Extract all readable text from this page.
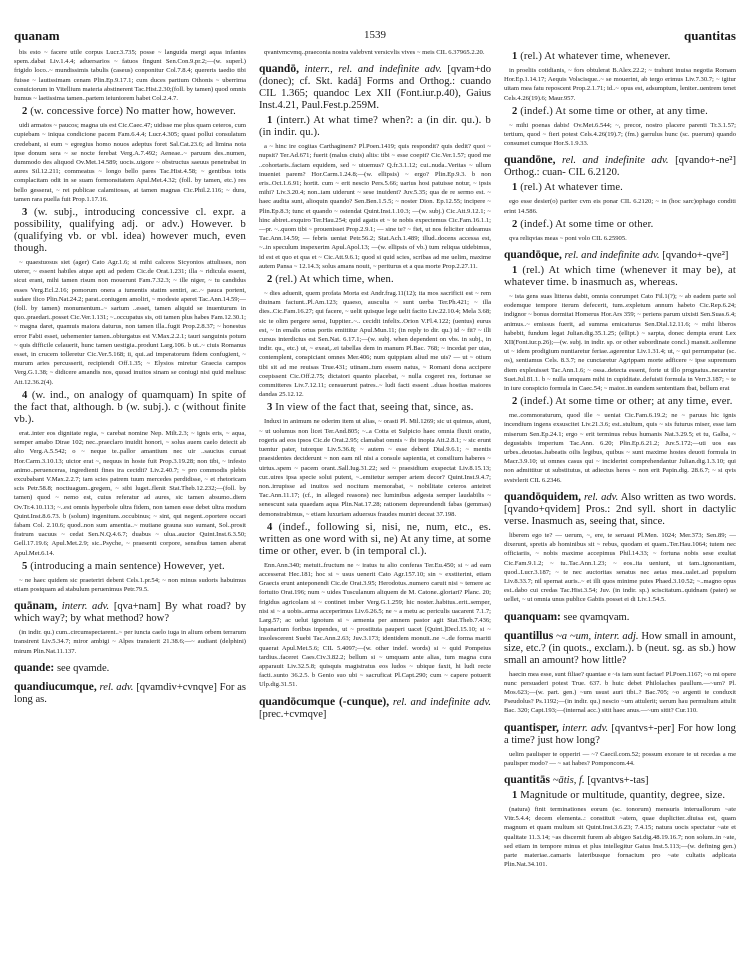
quanam	1539	quantitas

bis esto ~ facere utile corpus Lucr.3.735; posse ~ languida mergi aqua infantes spem..dabat Liv.1.4.4; aduersarios ~ fatuos fingunt Sen.Con.9.pr.2;—(w. superl.) frigido loco..~ mundissimis tabulis (caseus) conponitur Col.7.8.4; quereris taedio tibi fuisse ~ lautissimam cenam Plin.Ep.9.17.1; cum duces partium Othonis ~ uberrima conuiciorum in Vitellium materia abstinerent Tac.Hist.2.30;(foll. by tamen) quod omnis humus ~ laetissima tamen..partem ieiuniorem habet Col.2.4.7.

2 (w. concessive force) No matter how, however.

uidi armatos ~ paucos; magna uis est Cic.Caec.47; uidisse me plus quam ceteros, cum cupiebam ~ iniqua condicione pacem Fam.6.4.4; Lucr.4.305; quasi pollui consulatum credebant, si eum ~ egregius homo nouos adeptus foret Sal.Cat.23.6; ad limina nota ipse donum sera ~ se nocte ferebat Verg.A.7.492; Aeneae..~ paruum des..numen, dummodo des aliquod Ov.Met.14.589; uocis..uigore ~ obstructus saeuus penetrabat in aures Sil.12.211; commeatus ~ longo bello pares Tac.Hist.4.58; ~ gentibus totis complacitam odit in se suam formonsitatem Apul.Met.4.32; (foll. by tamen, etc.) res bello gesserat, ~ rei publicae calamitosas, at tamen magnas Cic.Phil.2.116; ~ dura, tamen rara puella fuit Prop.1.17.16.

3 (w. subj., introducing concessive cl. expr. a possibility, qualifying adj. or adv.) However. b (qualifying vb. or vbl. idea) however much, even though.

~ quaestuosus siet (ager) Cato Agr.1.6; si mihi calceos Sicyonios attulisses, non uterer, ~ essent habiles atque apti ad pedem Cic.de Orat.1.231; illa ~ ridicula essent, sicut erant, mihi tamen risum non mouerunt Fam.7.32.3; ~ ille niger, ~ tu candidus esses Verg.Ecl.2.16; pomorum onera a iumentis statim sentiri, ac..~ pauca portent, sudare ilico Plin.Nat.24.2; parat..coniugem amoliri, ~ modeste aperet Tac.Ann.14.59;—(foll. by tamen) monumentum..~ sartum ..esset, tamen aliquid se inuenturum in quo..praedari..posset Cic.Ver.1.131; ~..occupatus sis, oti tamen plus habes Fam.12.30.1; ~ magna daret, quamuis maiora daturus, non tamen illa..fugit Prop.2.8.37; ~ honestus error Fabii esset, uehementer tamen..obiurgatus est V.Max.2.2.1; tauri sanguinis potum ~ quis difficile celauerit, hunc tamen uestigia..produnt Larg.106. b ut..~ ciuis Romanus esset, in crucem tolleretur Cic.Ver.5.168; ii, qui..ad imperatorum fidem confugient, ~ murum aries percusserit, recipiendi Off.1.35; ~ Elysios miretur Graecia campos Verg.G.1.38; ~ didicere amandis nos, quoad inuitos sinam se coniugi nisi quid meliusc Att.12.36.2(4).

4 (w. ind., on analogy of quamquam) In spite of the fact that, although. b (w. subj.). c (without finite vb.).

erat..inter eos dignitate regia, ~ carebat nomine Nep. Milt.2.3; ~ ignis eris, ~ aqua, semper amabo Dirae 102; nec..praeclaro inuidit honori, ~ solus auem caelo deiecit ab alto Verg.A.5.542; o ~ neque te..pallor amantium nec uir ..saucius curuat Hor.Carm.3.10.13; uictor erat ~, nequus in hoste fuit Prop.3.19.28; non tibi, ~ infesto animo..peruenceras, ingredienti fines ira cecidit? Liv.2.40.7; ~ pro commodis plebis excubabant V.Max.2.2.7; iam scies patrem tuum mercedes perdidisse, ~ et rhetoricam scis Petr.58.8; noctiuagum..gregem, ~ sibi luget..flenit Stat.Theb.12.232;—(foll. by tamen) quod ~ nemo est, cuius referatur ad aures, sic tamen absumo..diem Ov.Tr.4.10.113; ~..est omnis hyperbole ultra fidem, non tamen esse debet ultra modum Quint.Inst.8.6.73. b (solum) ingenitum..occubinus; ~ sint, qui negent..oportere occari fabam Col. 2.10.6; quod..non sum amentia..~ mutiane grauna suo sumant, Sol..prosit fratrum uacuus ~ cedat Sen.N.Q.4.6.7; duabus ~ ulua..auctor Quint.Inst.6.3.50; Gell.17.19.6; Apul.Met.2.9; sic..Psyche, ~ praesenti corpore, sensibus tamen aberat Apul.Met.6.14.

5 (introducing a main sentence) However, yet.

~ ne haec quidem sic praeteriri debent Cels.1.pr.54; ~ non minus sudoris habuimus etiam postquam ad stabulum peruenimus Petr.79.5.

quānam, interr. adv. [qva+nam] By what road? by which way?; by what method? how?

(in indir. qu.) cum..circumspectarent..~ per iuncta caelo iuga in alium orbem terrarum transirent Liv.5.34.7; miror ambigi ~ Alpes transierit 21.38.6;—~ audiant (delphini) mirum Plin.Nat.11.137.

quande: see qvamde.

quandiucumque, rel. adv. [qvamdiv+cvnqve] For as long as.

qvantvmcvmq..praeconia nostra valebvnt versicvlis vives ~ meis CIL 6.37965.2.20.

quandō, interr., rel. and indefinite adv. [qvam+do (donec); cf. Skt. kadá] Forms and Orthog.: cuando CIL 1.365; quandoc Lex XII (Font.iur.p.40), Gaius Inst.4.21, Paul.Fest.p.259M.

1 (interr.) At what time? when?: a (in dir. qu.). b (in indir. qu.).

a ~ hinc ire cogitas Carthaginem? Pl.Poen.1419; quis respondit? quis dedit? quoi ~ nupsit? Ter.Ad.671; fuerit (malus ciuis) aliis: tibi ~ esse coepit? Cic.Ver.1.57; quod me ..cohortaris..faciam equidem, sed ~ uiuemus? Q.fr.3.1.12; cui..nuda..Veritas ~ ullum inueniet parem? Hor.Carm.1.24.8;—(w. ellipsis) ~ ergo? Plin.Ep.9.3. b non eris..Oct.1.6.91; hortit. cum ~ erit nescio Pers.5.66; uarius hosi patuisse notur, ~ ipsis mihi? Liv.3.20.4; non..iam uiderunt ~ sese inuident? Juv.5.35; qua de re sermo est. ~ haec audita sunt, alioquin quando? Sen.Ben.1.5.5; ~ noster Dion. Ep.12.55; incipere ~ Plin.Ep.8.3; tunc et quando ~ ostendat Quint.Inst.1.10.3; —(w. subj.) Cic.Att.9.12.1; ~ hinc abiret..exquiro Ter.Hau.254; quid agatis et ~ te nobis expectemus Cic.Fam.16.1.1; —pr. ~..quom tibi ~ prouenisset Prop.2.9.1; — sine te? ~ fiet, ut nos feliciter uideamus Tac.Ann.14.59; — febris ueniat Petr.56.2; Stat.Ach.1.489; illud..docens accessa est, ~..in speculum inspexerim Apul.Apol.13; —(w. ellipsis of vb.) tum reliqua uidebimus, id est et quo et qua et ~ Cic.Att.9.6.1; quod si quid scies, scribas ad me uelim, maxime autem Pansa ~ 12.14.3; solus amans nouit, ~ periturus et a qua morte Prop.2.27.11.

2 (rel.) At which time, when.

~ dies aduenit, quem profata Morta est Andr.frag.11(12); ita mos sacrificii est ~ rem diuinam faciunt..Pl.Am.123; quaeso, ausculta ~ sunt uerba Ter.Ph.421; ~ illa dies..Cic.Fam.16.27; qui facere, ~ uelit quisque lege uelit facito Liv.22.10.4; Mela 3.68; sic te olim pergere sensi, Iuppiter..~.. cecidit infelix..Orion V.Fl.4.122; (uentus) eurus est, ~ in emalis ortus portis emittitur Apul.Mun.11; (in reply to dir. qu.) id ~ fit? ~ illi cursus interdictus est Sen.Nat. 6.17.1;—(w. subj. when dependent on vbs. in subj., in indir. qu., etc.) ut, ~ exeat,..ei tabellas dem in manum Pl.Bac. 768; ~ incedat per uias, contemplent, conspiciant omnes Mer.406; num quippiam aliud me uis? — ut ~ otium tibi sit ad me reuisas True.431; utinam..tum essem natus, ~ Romani dona accipere coepissent Cic.Off.2.75; dictatori quanto placebat, ~ nulla cogeret res, fortunae se committeres Liv.7.12.11; censuerunt patres..~ ludi facti essent ..duas hostias maiores dandas 25.12.12.

3 In view of the fact that, seeing that, since, as.

Induxi in animum ne oderim item ut alias, ~ orasti Pl. Mil.1269; sic ut quimus, aiunt, ~ ut uolumus non licet Ter.And.805; ~..a Cotta et Sulpicio haec omnia fluxit oratio, rogeris ad eos ipsos Cic.de Orat.2.95; clamabat omnis ~ ibi inopia Att.2.8.1; ~ sic erunt tuentur pater, tutorque Liv.5.36.8; ~ autem ~ esse debent Dial.9.6.1; ~ mentis praesidentes deciderunt ~ non eam nil nisi a consule sapientia, et consilium haberes ~ uirtus..spem ~ pacem orant..Sall.Iug.31.22; sed ~ praesidium exspectat Liv.8.15.13; cur..uires ipsa specie solui putent, ~..emitetur semper artem decor? Quint.Inst.9.4.7; non..irrupisse ad inuitos sed nocitum memorabat, ~ nobilitate ceteros anteiret Tac.Ann.11.17; (cf., in alleged reasons) nec luminibus adgesta semper laudabilis ~ senescunt sata quaedam aqua Plin.Nat.17.28; rationem depreundendi fabas (gemmas) demonstrabimus, ~ etiam luxuriam aduersus fraudes muniri deceat 37.198.

4 (indef., following si, nisi, ne, num, etc., es. written as one word with si, ne) At any time, at some time or other, ever. b (in temporal cl.).

Enn.Ann.340; metuit..fructum ne ~ iratus tu alio conferas Ter.Eu.450; si ~ ad eam accesserat Hec.181; hoc si ~ usus uenerit Cato Agr.157.10; sin ~ exstiterint, etiam Graecis erunt anteponendi Cic.de Orat.3.95; Herodotus..numero caruit nisi ~ temere ac fortuito Orat.196; num ~ uides Tusculanum aliquem de M. Catone..gloriari? Planc. 20; frigidus agricolam si ~ continet imber Verg.G.1.259; hic noster..habitus..erit..semper, nisi si ~ a uobis..arma acceperimus Liv.6.26.5; ne ~ a metu ac periculis uacarent 7.1.7; Larg.57; ac uelut ignotum si ~ armenta per amnem pastor agit Stat.Theb.7.436; lupanarium foribus inpendes, ut ~ prostituta pauperi uacet [Quint.]Decl.15.10; si ~ insolescerent Suebi Tac.Ann.2.63; Juv.3.173; identidem monuit..ne ~..de forma mariti quaerat Apul.Met.5.6; CIL 5.4097;—(w. other indef. words) si ~ quid Pompeius tardius..faceret Caes.Civ.3.82.2; bellum si ~ umquam ante alias, tum magna cura apparauit Liv.32.5.8; quisquis magistratus eos ludos ~ ubique faxit, hi ludi recte facti..sunto 36.2.5. b Genio suo ubi ~ sacruficat Pl.Capt.290; cum ~ capere potuerit Ulp.dig.31.51.

quandōcumque (-cunque), rel. and indefinite adv. [prec.+cvmqve]

1 (rel.) At whatever time, whenever.

in proeliis cotidianis, ~ fors obtulerat B.Alex.22.2; ~ trahunt inuisa negotia Romam Hor.Ep.1.14.17; Aequis Volscisque..~ se mouerint, ab tergo erimus Liv.7.30.7; ~ igitur uitam mea fatu reposcent Prop.2.1.71; id..~ opus est, adsumptum, leniter..uentrem tenet Cels.4.26(19).6; Maur.957.

2 (indef.) At some time or other, at any time.

~ mihi poenas dabis! Ov.Met.6.544; ~, precor, nostro placere parenti Tr.3.1.57; tertium, quod ~ fieri potest Cels.4.26(19).7; (fm.) garrulus hunc (sc. puerum) quando consumet cumque Hor.S.1.9.33.

quandōne, rel. and indefinite adv. [qvando+-ne²] Orthog.: cuan- CIL 6.2120.

1 (rel.) At whatever time.

ego esse desier(o) pariter cvm eis ponar CIL 6.2120; ~ in (hoc sarc)ophago conditi erint 14.586.

2 (indef.) At some time or other.

qva reliqvias meas ~ poni volo CIL 6.25905.

quandōque, rel. and indefinite adv. [qvando+-qve²]

1 (rel.) At which time (whenever it may be), at whatever time. b inasmuch as, whereas.

~ ista gens suas litteras dabit, omnia conrumpet Cato Fil.1(?); ~ ab eadem parte sol eodemque tempore iterum defecerit, tum..expletum annum habeto Cic.Rep.6.24; indignor ~ bonus dormitat Homerus Hor.Ars 359; ~ periens parum uixisti Sen.Suas.6.4; animus..~ emissus fuerit, ad summa emicaturus Sen.Dial.12.11.6; ~ mihi liberos habebit, fundum legat Julian.dig.35.1.25; (ellipt.) ~ sarpta, donec dempta erunt Lex XII(Font.iur.p.26);—(w. subj. in indir. sp. or other subordinate concl.) mansit..sollemne ut ~ idem prodigium nuntiaretur feriae..agerentur Liv.1.31.4; ut, ~ qui perrumpatur (sc. os), sentiamus Cels. 8.3.7; ne cunctaretur Agrippam morte adficere ~ ipse supremum diem expleuisset Tac.Ann.1.6; ~ ossa..detecta essent, forte ut illo prognatus..necaretur Suet.Jul.81.1. b ~ nulla umquam mihi in cupiditate..defuisti formula in Verr.3.187; ~ te in iure conspicio formula in Caec.54; ~ maior..in eandem sententiam ibat, bellum erat

2 (indef.) At some time or other; at any time, ever.

me..commoraturum, quod ille ~ ueniat Cic.Fam.6.19.2; ne ~ paruus hic ignis incendium ingens exsuscitet Liv.21.3.6; est..stultum, quis ~ sis futurus miser, esse iam miserum Sen.Ep.24.1; ergo ~ erit terminus rebus humanis Nat.3.29.5; et tu, Galba, ~ degustabis imperium Tac.Ann. 6.20; Plin.Ep.6.21.2; Juv.5.172;—uti uos eas urbes..deuotas..habeatis oilis legibus, quibus ~ sunt maxime hostes deuoti formula in Macr.3.9.10; ut omnes casus qui ~ inciderint comprehendantur Julian.dig.1.3.10; qui non admittitur ut substitutus, ut adiectus heres ~ non erit Papin.dig. 28.6.7; ~ si qvis svstvlerit CIL 6.2346.

quandōquidem, rel. adv. Also written as two words. [qvando+qvidem] Pros.: 2nd syll. short in dactylic verse. Inasmuch as, seeing that, since.

liberem ego te? — uerum, ~, ere, te seruaui Pl.Men. 1024; Mer.373; Sen.89; — dixerunt, spretis ab hominibus sit ~ rebus, quodam et quam..Ter.Hau.1064; tutem nec officiariis, ~ nobis maxime accepimus Phil.14.33; ~ fortuna nobis sese exultat Cic.Fam.9.1.2; ~ tu..Tac.Ann.1.23; ~ eos..ita ueniunt, ut tam..ignorantiam, quod..Lucr.3.187; ~ te nec auctoritas senatus nec aetas mea..ualet..ad populum Liv.8.33.7; nil spernat auris..~ et illi quos minime putes Phaed.3.10.52; ~..magno opus est..dabo cui credas Tac.Hist.3.54; Juv. (in indir. sp.) sciscitatum..quidnam (pater) se uellet, ~ ut omnia unus publice Gabiis posset ei di Liv.1.54.5.

quanquam: see qvamqvam.

quantillus ~a ~um, interr. adj. How small in amount, size, etc.? (in quots., exclam.). b (neut. sg. as sb.) how small an amount? how little?

haecin mea esse, sunt filiae? quantae e ~is iam sunt factae! Pl.Poen.1167; ~o mi opere nunc persuaderi potest True. 637. b huic debet Philolaches paullum.—~um? Pl. Mos.623;—(w. part. gen.) ~um usust auri tibi..? Bac.705; ~o argenti te conduxit Pseudolus? Ps.1192;—(in indir. qu.) nescio ~um attulerit; uerum hau permultum attulit Bac. 320; Capt.193;—(internal acc.) sitit haec anus.—~um sitit? Cur.110.

quantisper, interr. adv. [qvantvs+-per] For how long a time? just how long?

uelim paulisper te opperiri — ~? Caecil.com.52; possum exorare te ut recedas a me paulisper modo? — ~ sat habes? Pomponcom.44.

quantitās ~ātis, f. [qvantvs+-tas]

1 Magnitude or multitude, quantity, degree, size.

(natura) finit terminationes eorum (sc. tonorum) mensuris interuallorum ~ate Vitr.5.4.4; decem elementa..: constituit ~atem, quae dupliciter..diuisa est, quam magnum et quam multum sit Quint.Inst.3.6.23; 7.4.15; natura uocis spectatur ~ate et qualitate 11.3.14; ~as discernit furem ab abigeo Sat.dig.48.19.16.7; non solum..in ~ate, sed etiam in tempore minus et plus intellegitur Gaius Inst.5.113;—(w. defining gen.) parte materiae..camaris lateribusque fornacium pro ~ate cultatis adplicata Plin.Nat.34.101.
